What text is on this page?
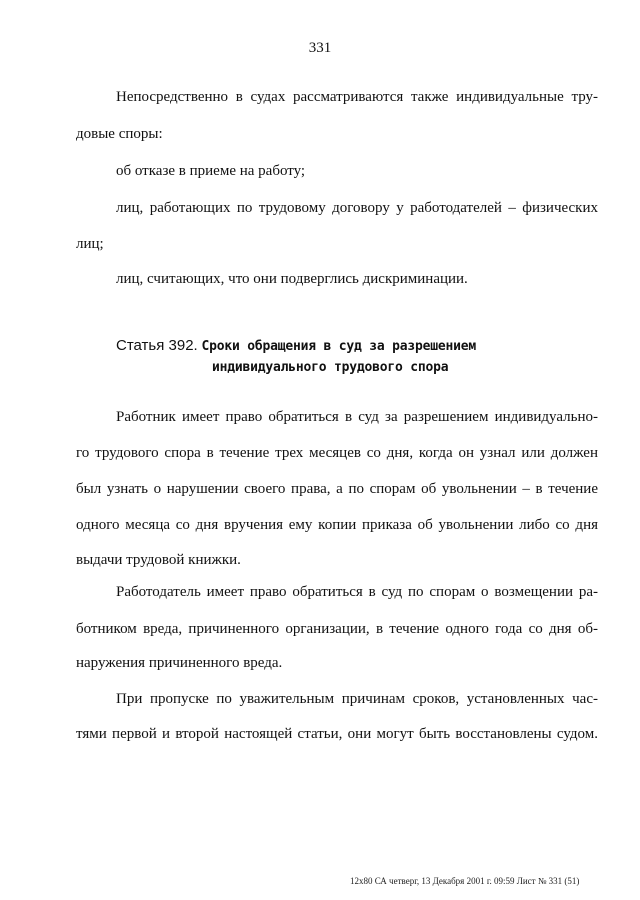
331
Непосредственно в судах рассматриваются также индивидуальные тру-
довые споры:
об отказе в приеме на работу;
лиц, работающих по трудовому договору у работодателей – физических
лиц;
лиц, считающих, что они подверглись дискриминации.
Статья 392. Сроки обращения в суд за разрешением
индивидуального трудового спора
Работник имеет право обратиться в суд за разрешением индивидуально-
го трудового спора в течение трех месяцев со дня, когда он узнал или должен
был узнать о нарушении своего права, а по спорам об увольнении – в течение
одного месяца со дня вручения ему копии приказа об увольнении либо со дня
выдачи трудовой книжки.
Работодатель имеет право обратиться в суд по спорам о возмещении ра-
ботником вреда, причиненного организации, в течение одного года со дня об-
наружения причиненного вреда.
При пропуске по уважительным причинам сроков, установленных час-
тями первой и второй настоящей статьи, они могут быть восстановлены судом.
12х80 СА четверг, 13 Декабря 2001 г. 09:59 Лист № 331 (51)
